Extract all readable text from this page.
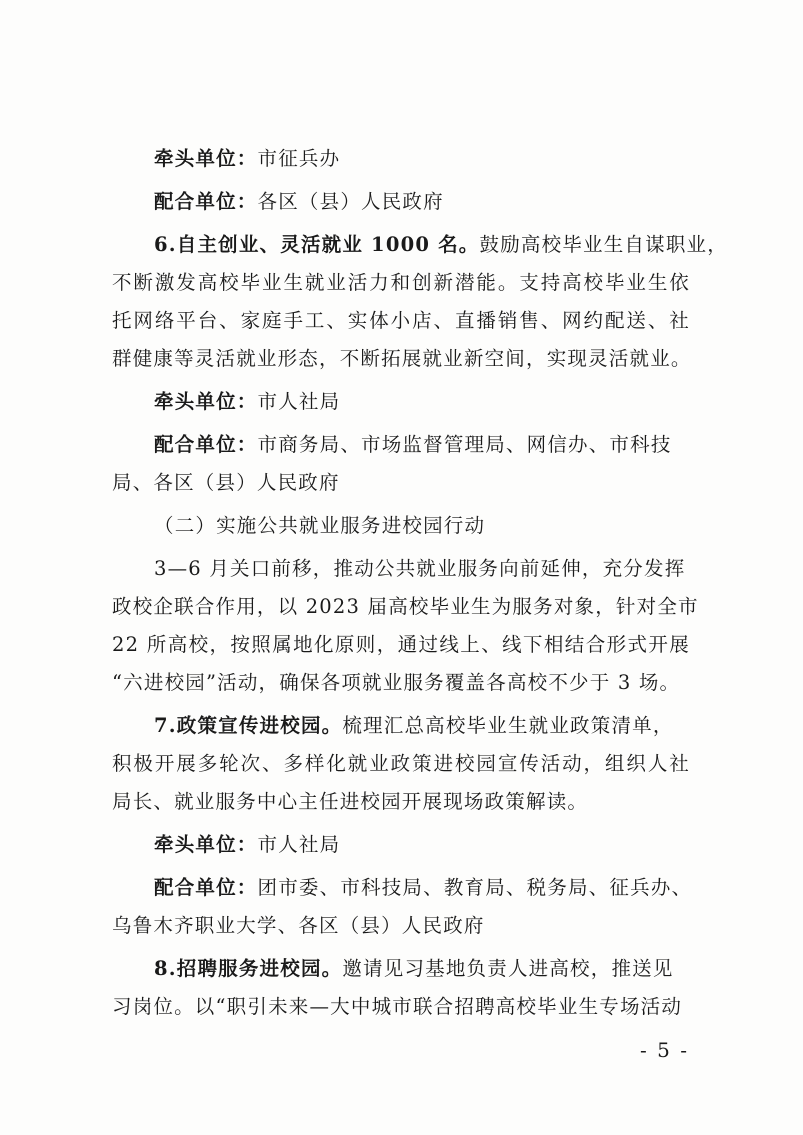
牵头单位：市征兵办
配合单位：各区（县）人民政府
6.自主创业、灵活就业 1000 名。鼓励高校毕业生自谋职业，
不断激发高校毕业生就业活力和创新潜能。支持高校毕业生依
托网络平台、家庭手工、实体小店、直播销售、网约配送、社
群健康等灵活就业形态，不断拓展就业新空间，实现灵活就业。
牵头单位：市人社局
配合单位：市商务局、市场监督管理局、网信办、市科技
局、各区（县）人民政府
（二）实施公共就业服务进校园行动
3—6 月关口前移，推动公共就业服务向前延伸，充分发挥
政校企联合作用，以 2023 届高校毕业生为服务对象，针对全市
22 所高校，按照属地化原则，通过线上、线下相结合形式开展
“六进校园”活动，确保各项就业服务覆盖各高校不少于 3 场。
7.政策宣传进校园。梳理汇总高校毕业生就业政策清单，
积极开展多轮次、多样化就业政策进校园宣传活动，组织人社
局长、就业服务中心主任进校园开展现场政策解读。
牵头单位：市人社局
配合单位：团市委、市科技局、教育局、税务局、征兵办、
乌鲁木齐职业大学、各区（县）人民政府
8.招聘服务进校园。邀请见习基地负责人进高校，推送见
习岗位。以“职引未来—大中城市联合招聘高校毕业生专场活动
- 5 -
